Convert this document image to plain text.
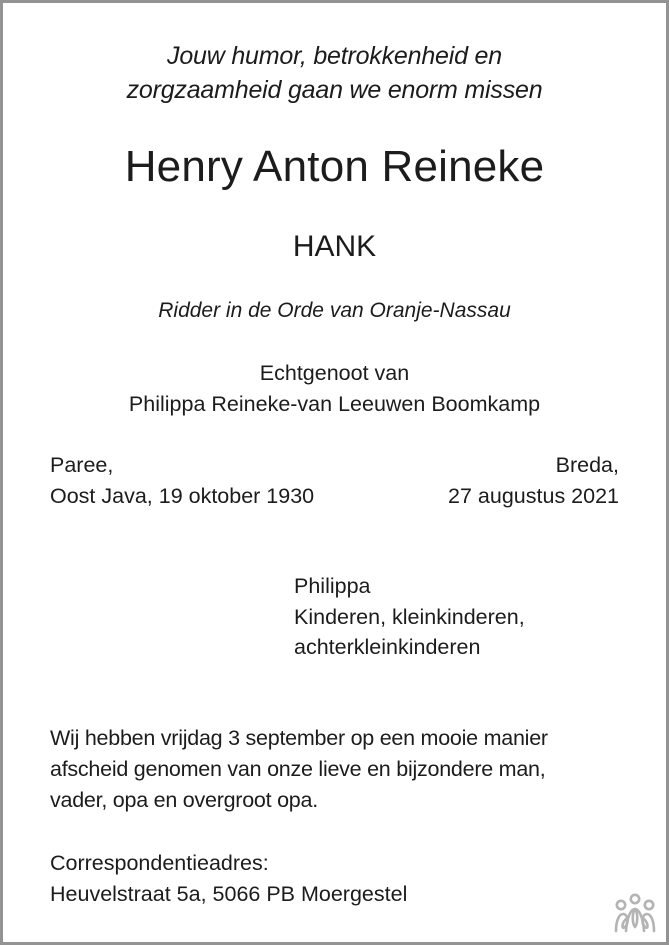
Jouw humor, betrokkenheid en
zorgzaamheid gaan we enorm missen

Henry Anton Reineke
HANK

Ridder in de Orde van Oranje-Nassau

Echtgenoot van
Philippa Reineke-van Leeuwen Boomkamp

Paree,
Oost Java, 19 oktober 1930

Breda,
27 augustus 2021

Philippa
Kinderen, kleinkinderen,
achterkleinkinderen

Wij hebben vrijdag 3 september op een mooie manier
afscheid genomen van onze lieve en bijzondere man,
vader, opa en overgroot opa.

Correspondentieadres:
Heuvelstraat 5a, 5066 PB Moergestel
